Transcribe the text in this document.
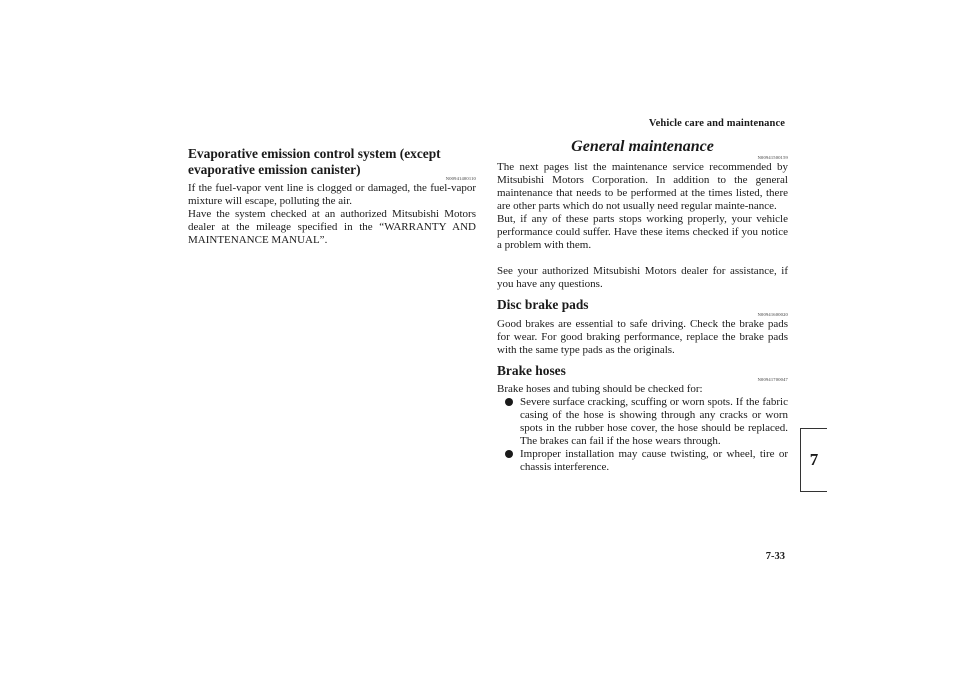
Vehicle care and maintenance
Evaporative emission control system (except evaporative emission canister)
N00941400110

If the fuel-vapor vent line is clogged or damaged, the fuel-vapor mixture will escape, polluting the air.

Have the system checked at an authorized Mitsubishi Motors dealer at the mileage specified in the “WARRANTY AND MAINTENANCE MANUAL”.

General maintenance
N00941500159

The next pages list the maintenance service recommended by Mitsubishi Motors Corporation. In addition to the general maintenance that needs to be performed at the times listed, there are other parts which do not usually need regular mainte-nance.

But, if any of these parts stops working properly, your vehicle performance could suffer. Have these items checked if you notice a problem with them.

See your authorized Mitsubishi Motors dealer for assistance, if you have any questions.

Disc brake pads
N00941600020

Good brakes are essential to safe driving. Check the brake pads for wear. For good braking performance, replace the brake pads with the same type pads as the originals.

Brake hoses
N00941700047

Brake hoses and tubing should be checked for:

Severe surface cracking, scuffing or worn spots. If the fabric casing of the hose is showing through any cracks or worn spots in the rubber hose cover, the hose should be replaced. The brakes can fail if the hose wears through.
Improper installation may cause twisting, or wheel, tire or chassis interference.	7
7-33
